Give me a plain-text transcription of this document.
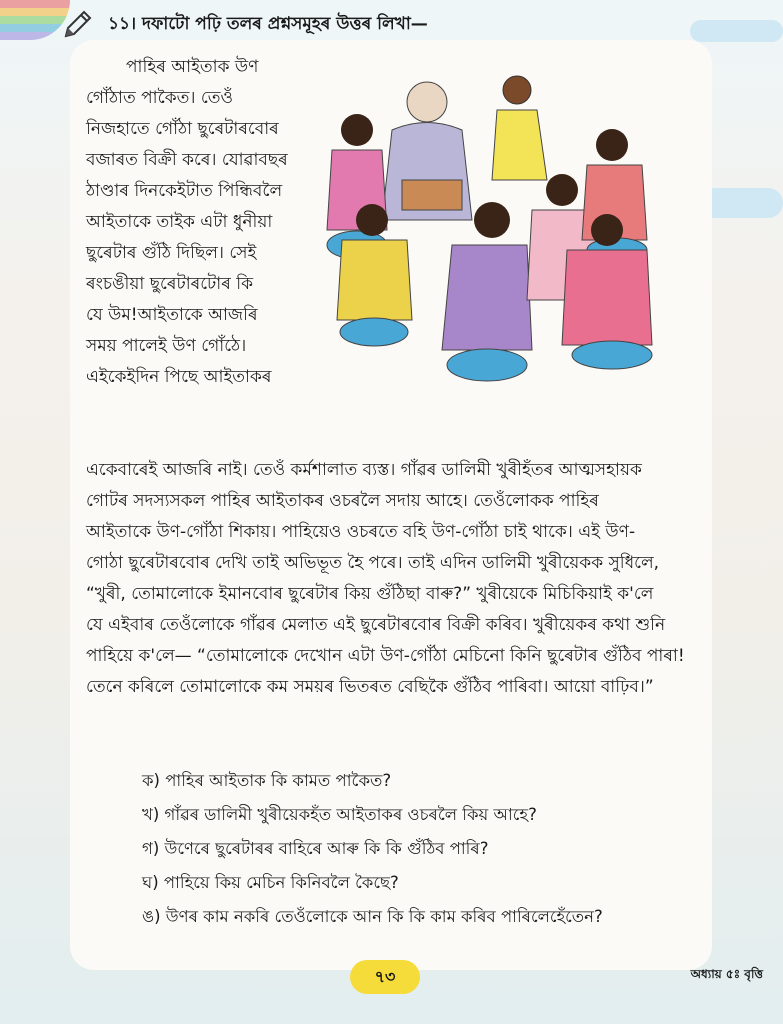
১১। দফাটো পঢ়ি তলৰ প্ৰশ্নসমূহৰ উত্তৰ লিখা—
পাহিৰ আইতাক উণ
গোঁঠাত পাকৈত। তেওঁ
নিজহাতে গোঁঠা ছুৰেটাৰবোৰ
বজাৰত বিক্ৰী কৰে। যোৱাবছৰ
ঠাণ্ডাৰ দিনকেইটাত পিন্ধিবলৈ
আইতাকে তাইক এটা ধুনীয়া
ছুৰেটাৰ গুঁঠি দিছিল। সেই
ৰংচঙীয়া ছুৰেটাৰটোৰ কি
যে উম!আইতাকে আজৰি
সময় পালেই উণ গোঁঠে।
এইকেইদিন পিছে আইতাকৰ
একেবাৰেই আজৰি নাই। তেওঁ কৰ্মশালাত ব্যস্ত। গাঁৱৰ ডালিমী খুৰীহঁতৰ আত্মসহায়ক
গোটৰ সদস্যসকল পাহিৰ আইতাকৰ ওচৰলৈ সদায় আহে। তেওঁলোকক পাহিৰ
আইতাকে উণ-গোঁঠা শিকায়। পাহিয়েও ওচৰতে বহি উণ-গোঁঠা চাই থাকে। এই উণ-
গোঠা ছুৰেটাৰবোৰ দেখি তাই অভিভূত হৈ পৰে। তাই এদিন ডালিমী খুৰীয়েকক সুধিলে,
“খুৰী, তোমালোকে ইমানবোৰ ছুৰেটাৰ কিয় গুঁঠিছা বাৰু?” খুৰীয়েকে মিচিকিয়াই ক'লে
যে এইবাৰ তেওঁলোকে গাঁৱৰ মেলাত এই ছুৰেটাৰবোৰ বিক্ৰী কৰিব। খুৰীয়েকৰ কথা শুনি
পাহিয়ে ক'লে— “তোমালোকে দেখোন এটা উণ-গোঁঠা মেচিনো কিনি ছুৰেটাৰ গুঁঠিব পাৰা!
তেনে কৰিলে তোমালোকে কম সময়ৰ ভিতৰত বেছিকৈ গুঁঠিব পাৰিবা। আয়ো বাঢ়িব।”
ক) পাহিৰ আইতাক কি কামত পাকৈত?
খ) গাঁৱৰ ডালিমী খুৰীয়েকহঁত আইতাকৰ ওচৰলৈ কিয় আহে?
গ) উণেৰে ছুৰেটাৰৰ বাহিৰে আৰু কি কি গুঁঠিব পাৰি?
ঘ) পাহিয়ে কিয় মেচিন কিনিবলৈ কৈছে?
ঙ) উণৰ কাম নকৰি তেওঁলোকে আন কি কি কাম কৰিব পাৰিলেহেঁতেন?
৭৩	অধ্যায় ৫ঃ বৃত্তি
